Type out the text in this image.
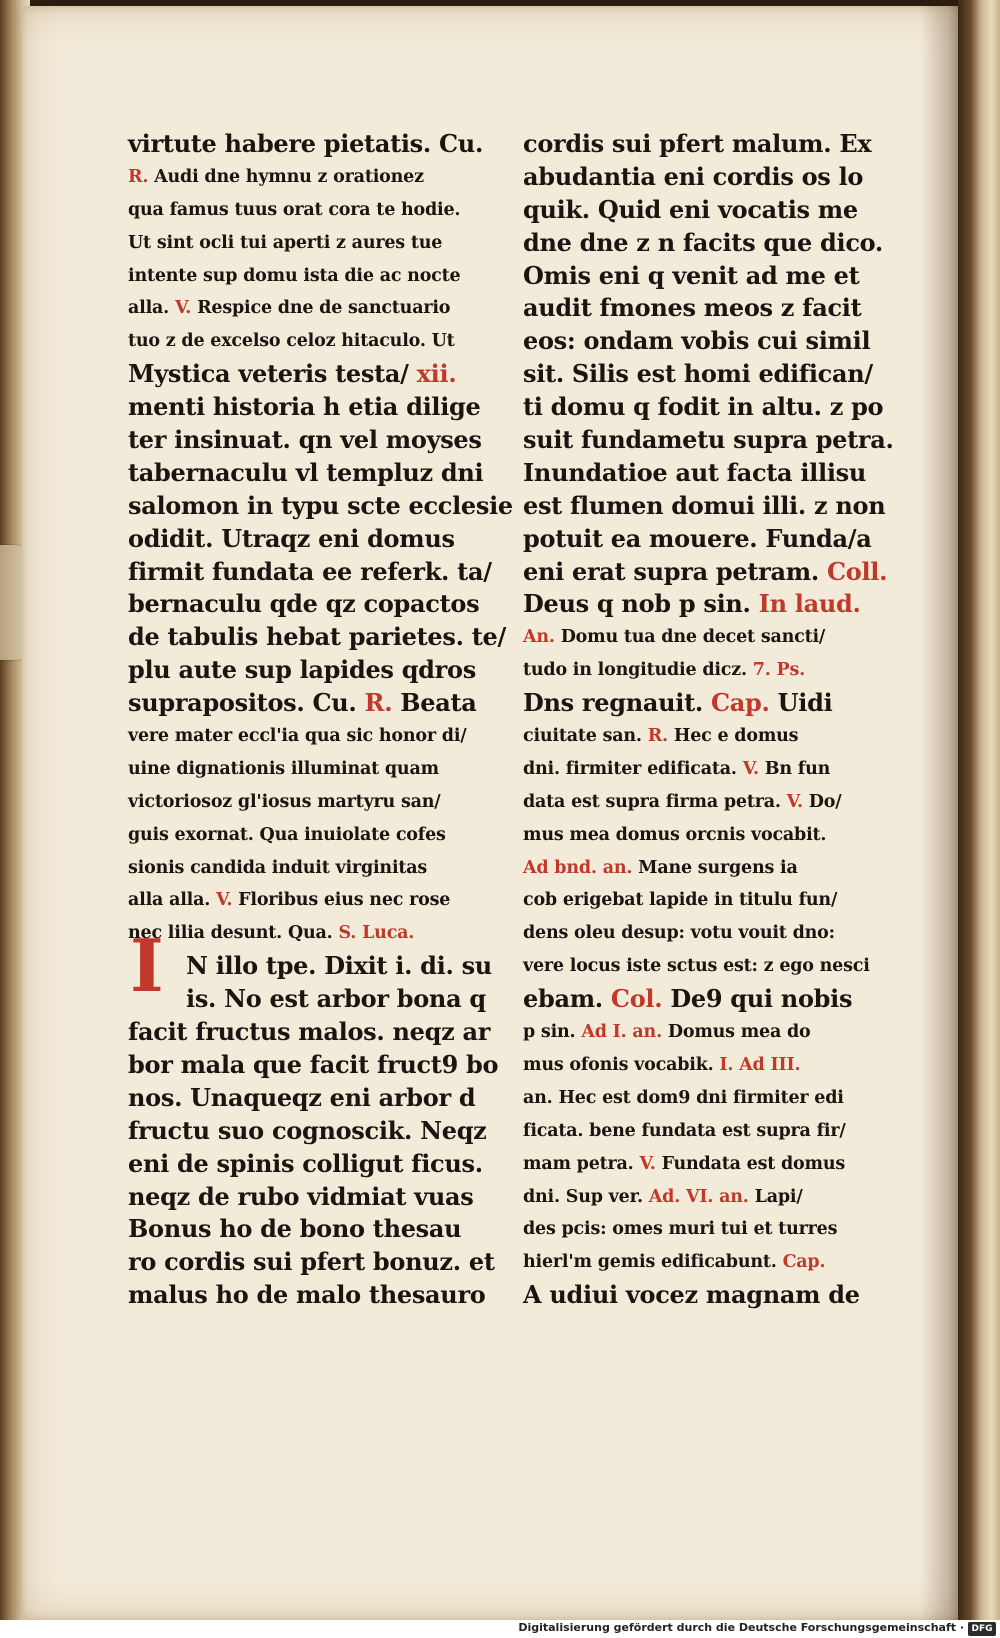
I
virtute habere pietatis. Cu.
R. Audi dne hymnu z orationez
qua famus tuus orat cora te hodie.
Ut sint ocli tui aperti z aures tue
intente sup domu ista die ac nocte
alla. V. Respice dne de sanctuario
tuo z de excelso celoz hitaculo. Ut
Mystica veteris testa/ xii.
menti historia h etia dilige
ter insinuat. qn vel moyses
tabernaculu vl templuz dni
salomon in typu scte ecclesie
odidit. Utraqz eni domus
firmit fundata ee referk. ta/
bernaculu qde qz copactos
de tabulis hebat parietes. te/
plu aute sup lapides qdros
suprapositos. Cu. R. Beata
vere mater eccl'ia qua sic honor di/
uine dignationis illuminat quam
victoriosoz gl'iosus martyru san/
guis exornat. Qua inuiolate cofes
sionis candida induit virginitas
alla alla. V. Floribus eius nec rose
nec lilia desunt. Qua. S. Luca.
N illo tpe. Dixit i. di. su
is. No est arbor bona q
facit fructus malos. neqz ar
bor mala que facit fruct9 bo
nos. Unaqueqz eni arbor d
fructu suo cognoscik. Neqz
eni de spinis colligut ficus.
neqz de rubo vidmiat vuas
Bonus ho de bono thesau
ro cordis sui pfert bonuz. et
malus ho de malo thesauro
cordis sui pfert malum. Ex
abudantia eni cordis os lo
quik. Quid eni vocatis me
dne dne z n facits que dico.
Omis eni q venit ad me et
audit fmones meos z facit
eos: ondam vobis cui simil
sit. Silis est homi edifican/
ti domu q fodit in altu. z po
suit fundametu supra petra.
Inundatioe aut facta illisu
est flumen domui illi. z non
potuit ea mouere. Funda/a
eni erat supra petram. Coll.
Deus q nob p sin. In laud.
An. Domu tua dne decet sancti/
tudo in longitudie dicz. 7. Ps.
Dns regnauit. Cap. Uidi
ciuitate san. R. Hec e domus
dni. firmiter edificata. V. Bn fun
data est supra firma petra. V. Do/
mus mea domus orcnis vocabit.
Ad bnd. an. Mane surgens ia
cob erigebat lapide in titulu fun/
dens oleu desup: votu vouit dno:
vere locus iste sctus est: z ego nesci
ebam. Col. De9 qui nobis
p sin. Ad I. an. Domus mea do
mus ofonis vocabik. I. Ad III.
an. Hec est dom9 dni firmiter edi
ficata. bene fundata est supra fir/
mam petra. V. Fundata est domus
dni. Sup ver. Ad. VI. an. Lapi/
des pcis: omes muri tui et turres
hierl'm gemis edificabunt. Cap.
A udiui vocez magnam de
Digitalisierung gefördert durch die Deutsche Forschungsgemeinschaft · DFG
